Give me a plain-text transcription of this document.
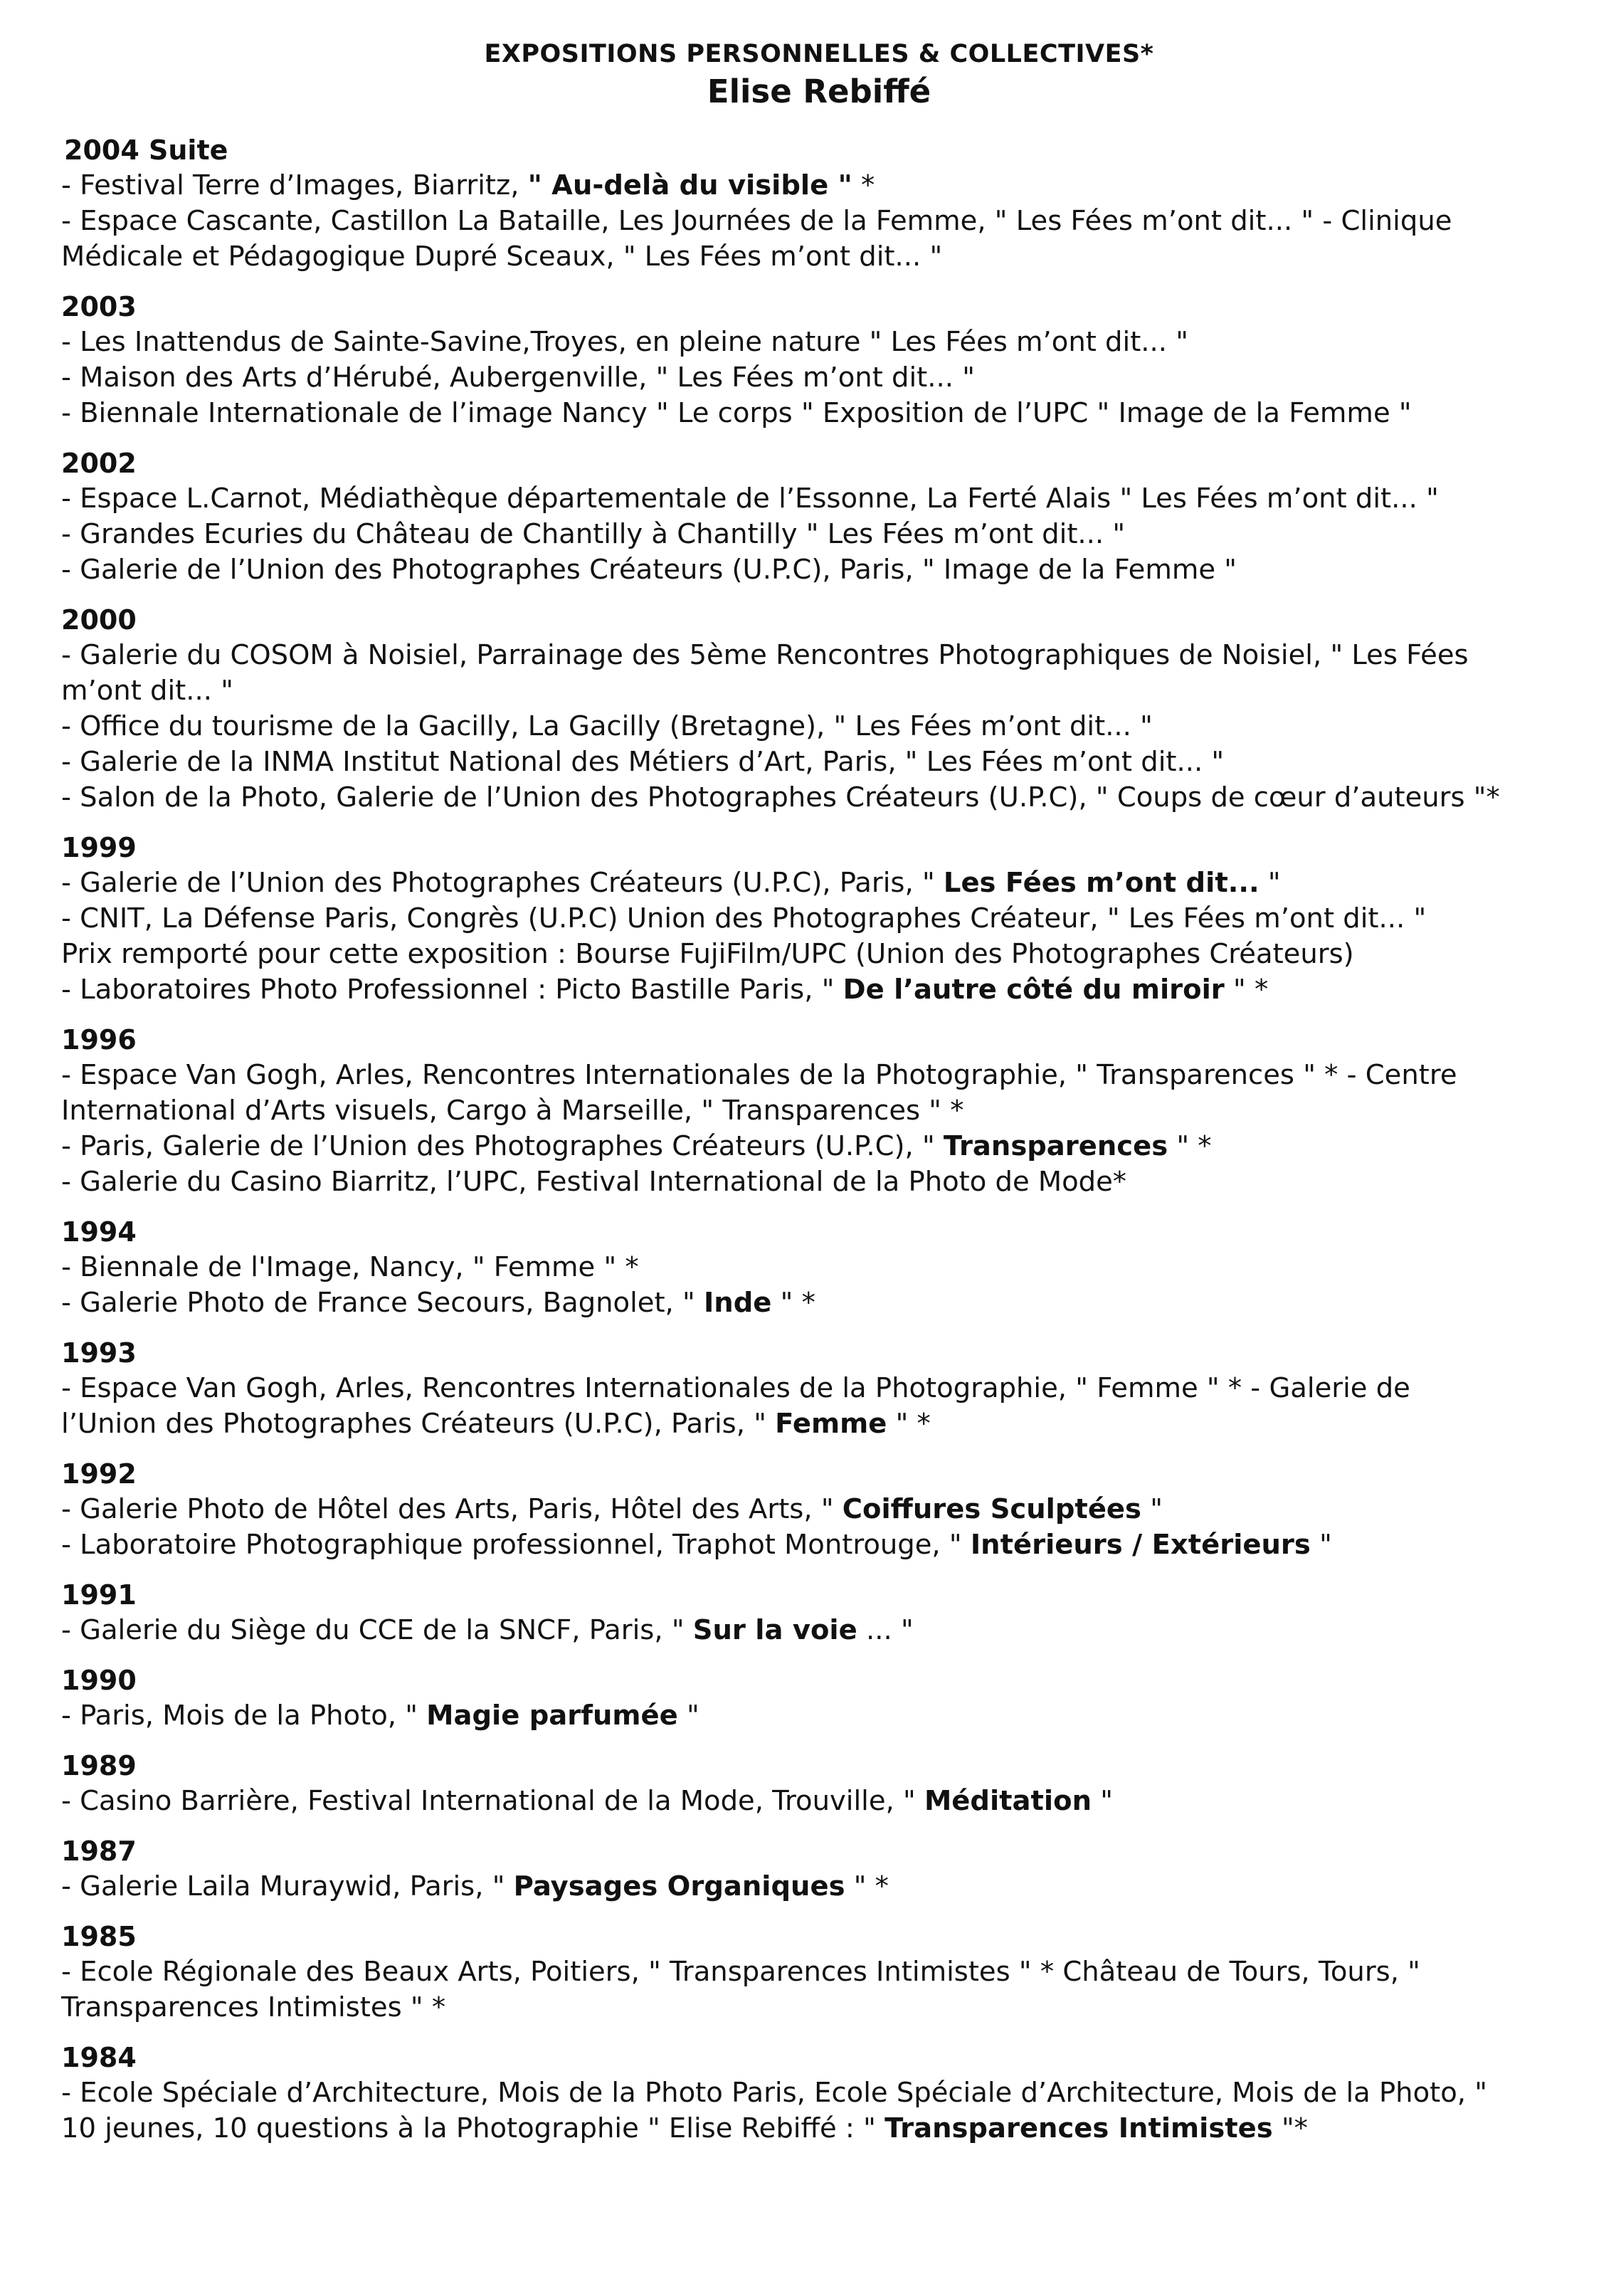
EXPOSITIONS PERSONNELLES & COLLECTIVES*
Elise Rebiffé
2004 Suite
- Festival Terre d’Images, Biarritz, " Au-delà du visible " *
- Espace Cascante, Castillon La Bataille, Les Journées de la Femme, " Les Fées m’ont dit... " - Clinique
Médicale et Pédagogique Dupré Sceaux, " Les Fées m’ont dit... "
2003
- Les Inattendus de Sainte-Savine,Troyes, en pleine nature " Les Fées m’ont dit... "
- Maison des Arts d’Hérubé, Aubergenville, " Les Fées m’ont dit... "
- Biennale Internationale de l’image Nancy " Le corps " Exposition de l’UPC " Image de la Femme "
2002
- Espace L.Carnot, Médiathèque départementale de l’Essonne, La Ferté Alais " Les Fées m’ont dit... "
- Grandes Ecuries du Château de Chantilly à Chantilly " Les Fées m’ont dit... "
- Galerie de l’Union des Photographes Créateurs (U.P.C), Paris, " Image de la Femme "
2000
- Galerie du COSOM à Noisiel, Parrainage des 5ème Rencontres Photographiques de Noisiel, " Les Fées
m’ont dit... "
- Office du tourisme de la Gacilly, La Gacilly (Bretagne), " Les Fées m’ont dit... "
- Galerie de la INMA Institut National des Métiers d’Art, Paris, " Les Fées m’ont dit... "
- Salon de la Photo, Galerie de l’Union des Photographes Créateurs (U.P.C), " Coups de cœur d’auteurs "*
1999
- Galerie de l’Union des Photographes Créateurs (U.P.C), Paris, " Les Fées m’ont dit... "
- CNIT, La Défense Paris, Congrès (U.P.C) Union des Photographes Créateur, " Les Fées m’ont dit... "
Prix remporté pour cette exposition : Bourse FujiFilm/UPC (Union des Photographes Créateurs)
- Laboratoires Photo Professionnel : Picto Bastille Paris, " De l’autre côté du miroir " *
1996
- Espace Van Gogh, Arles, Rencontres Internationales de la Photographie, " Transparences " * - Centre
International d’Arts visuels, Cargo à Marseille, " Transparences " *
- Paris, Galerie de l’Union des Photographes Créateurs (U.P.C), " Transparences " *
- Galerie du Casino Biarritz, l’UPC, Festival International de la Photo de Mode*
1994
- Biennale de l'Image, Nancy, " Femme " *
- Galerie Photo de France Secours, Bagnolet, " Inde " *
1993
- Espace Van Gogh, Arles, Rencontres Internationales de la Photographie, " Femme " * - Galerie de
l’Union des Photographes Créateurs (U.P.C), Paris, " Femme " *
1992
- Galerie Photo de Hôtel des Arts, Paris, Hôtel des Arts, " Coiffures Sculptées "
- Laboratoire Photographique professionnel, Traphot Montrouge, " Intérieurs / Extérieurs "
1991
- Galerie du Siège du CCE de la SNCF, Paris, " Sur la voie ... "
1990
- Paris, Mois de la Photo, " Magie parfumée "
1989
- Casino Barrière, Festival International de la Mode, Trouville, " Méditation "
1987
- Galerie Laila Muraywid, Paris, " Paysages Organiques " *
1985
- Ecole Régionale des Beaux Arts, Poitiers, " Transparences Intimistes " * Château de Tours, Tours, "
Transparences Intimistes " *
1984
- Ecole Spéciale d’Architecture, Mois de la Photo Paris, Ecole Spéciale d’Architecture, Mois de la Photo, "
10 jeunes, 10 questions à la Photographie " Elise Rebiffé : " Transparences Intimistes "*
